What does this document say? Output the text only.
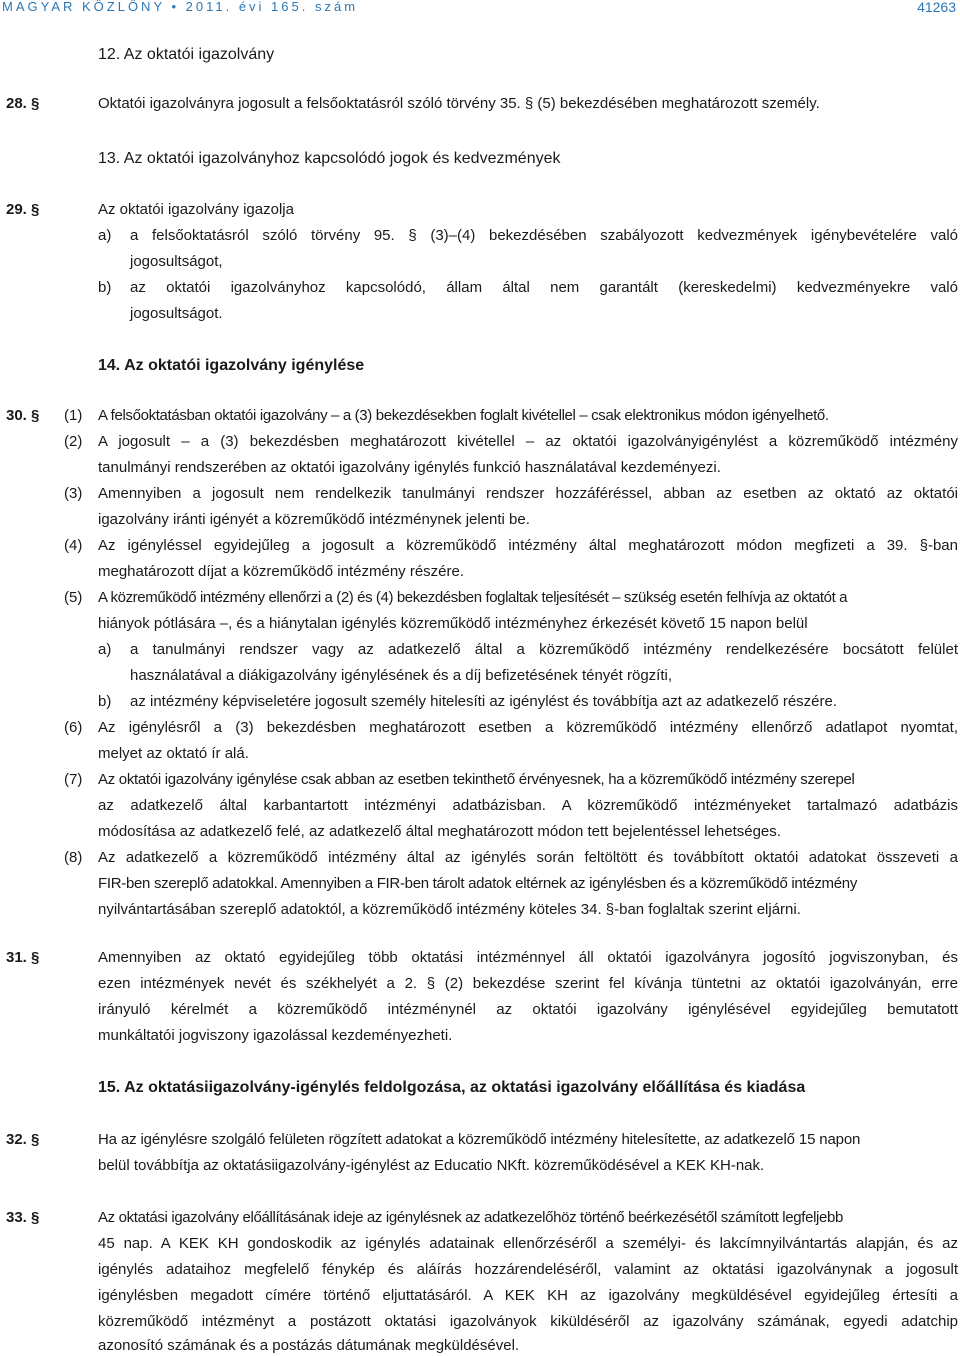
MAGYAR KÖZLÖNY • 2011. évi 165. szám	41263
12. Az oktatói igazolvány
28. §	Oktatói igazolványra jogosult a felsőoktatásról szóló törvény 35. § (5) bekezdésében meghatározott személy.
13. Az oktatói igazolványhoz kapcsolódó jogok és kedvezmények
29. §	Az oktatói igazolvány igazolja
a) a felsőoktatásról szóló törvény 95. § (3)–(4) bekezdésében szabályozott kedvezmények igénybevételére való
jogosultságot,
b) az oktatói igazolványhoz kapcsolódó, állam által nem garantált (kereskedelmi) kedvezményekre való
jogosultságot.
14. Az oktatói igazolvány igénylése
30. § (1) A felsőoktatásban oktatói igazolvány – a (3) bekezdésekben foglalt kivétellel – csak elektronikus módon igényelhető.
(2) A jogosult – a (3) bekezdésben meghatározott kivétellel – az oktatói igazolványigénylést a közreműködő intézmény
tanulmányi rendszerében az oktatói igazolvány igénylés funkció használatával kezdeményezi.
(3) Amennyiben a jogosult nem rendelkezik tanulmányi rendszer hozzáféréssel, abban az esetben az oktató az oktatói
igazolvány iránti igényét a közreműködő intézménynek jelenti be.
(4) Az igényléssel egyidejűleg a jogosult a közreműködő intézmény által meghatározott módon megfizeti a 39. §-ban
meghatározott díjat a közreműködő intézmény részére.
(5) A közreműködő intézmény ellenőrzi a (2) és (4) bekezdésben foglaltak teljesítését – szükség esetén felhívja az oktatót a
hiányok pótlására –, és a hiánytalan igénylés közreműködő intézményhez érkezését követő 15 napon belül
a) a tanulmányi rendszer vagy az adatkezelő által a közreműködő intézmény rendelkezésére bocsátott felület
használatával a diákigazolvány igénylésének és a díj befizetésének tényét rögzíti,
b) az intézmény képviseletére jogosult személy hitelesíti az igénylést és továbbítja azt az adatkezelő részére.
(6) Az igénylésről a (3) bekezdésben meghatározott esetben a közreműködő intézmény ellenőrző adatlapot nyomtat,
melyet az oktató ír alá.
(7) Az oktatói igazolvány igénylése csak abban az esetben tekinthető érvényesnek, ha a közreműködő intézmény szerepel
az adatkezelő által karbantartott intézményi adatbázisban. A közreműködő intézményeket tartalmazó adatbázis
módosítása az adatkezelő felé, az adatkezelő által meghatározott módon tett bejelentéssel lehetséges.
(8) Az adatkezelő a közreműködő intézmény által az igénylés során feltöltött és továbbított oktatói adatokat összeveti a
FIR-ben szereplő adatokkal. Amennyiben a FIR-ben tárolt adatok eltérnek az igénylésben és a közreműködő intézmény
nyilvántartásában szereplő adatoktól, a közreműködő intézmény köteles 34. §-ban foglaltak szerint eljárni.
31. §	Amennyiben az oktató egyidejűleg több oktatási intézménnyel áll oktatói igazolványra jogosító jogviszonyban, és
ezen intézmények nevét és székhelyét a 2. § (2) bekezdése szerint fel kívánja tüntetni az oktatói igazolványán, erre
irányuló kérelmét a közreműködő intézménynél az oktatói igazolvány igénylésével egyidejűleg bemutatott
munkáltatói jogviszony igazolással kezdeményezheti.
15. Az oktatásiigazolvány-igénylés feldolgozása, az oktatási igazolvány előállítása és kiadása
32. §	Ha az igénylésre szolgáló felületen rögzített adatokat a közreműködő intézmény hitelesítette, az adatkezelő 15 napon
belül továbbítja az oktatásiigazolvány-igénylést az Educatio NKft. közreműködésével a KEK KH-nak.
33. §	Az oktatási igazolvány előállításának ideje az igénylésnek az adatkezelőhöz történő beérkezésétől számított legfeljebb
45 nap. A KEK KH gondoskodik az igénylés adatainak ellenőrzéséről a személyi- és lakcímnyilvántartás alapján, és az
igénylés adataihoz megfelelő fénykép és aláírás hozzárendeléséről, valamint az oktatási igazolványnak a jogosult
igénylésben megadott címére történő eljuttatásáról. A KEK KH az igazolvány megküldésével egyidejűleg értesíti a
közreműködő intézményt a postázott oktatási igazolványok kiküldéséről az igazolvány számának, egyedi adatchip
azonosító számának és a postázás dátumának megküldésével.
